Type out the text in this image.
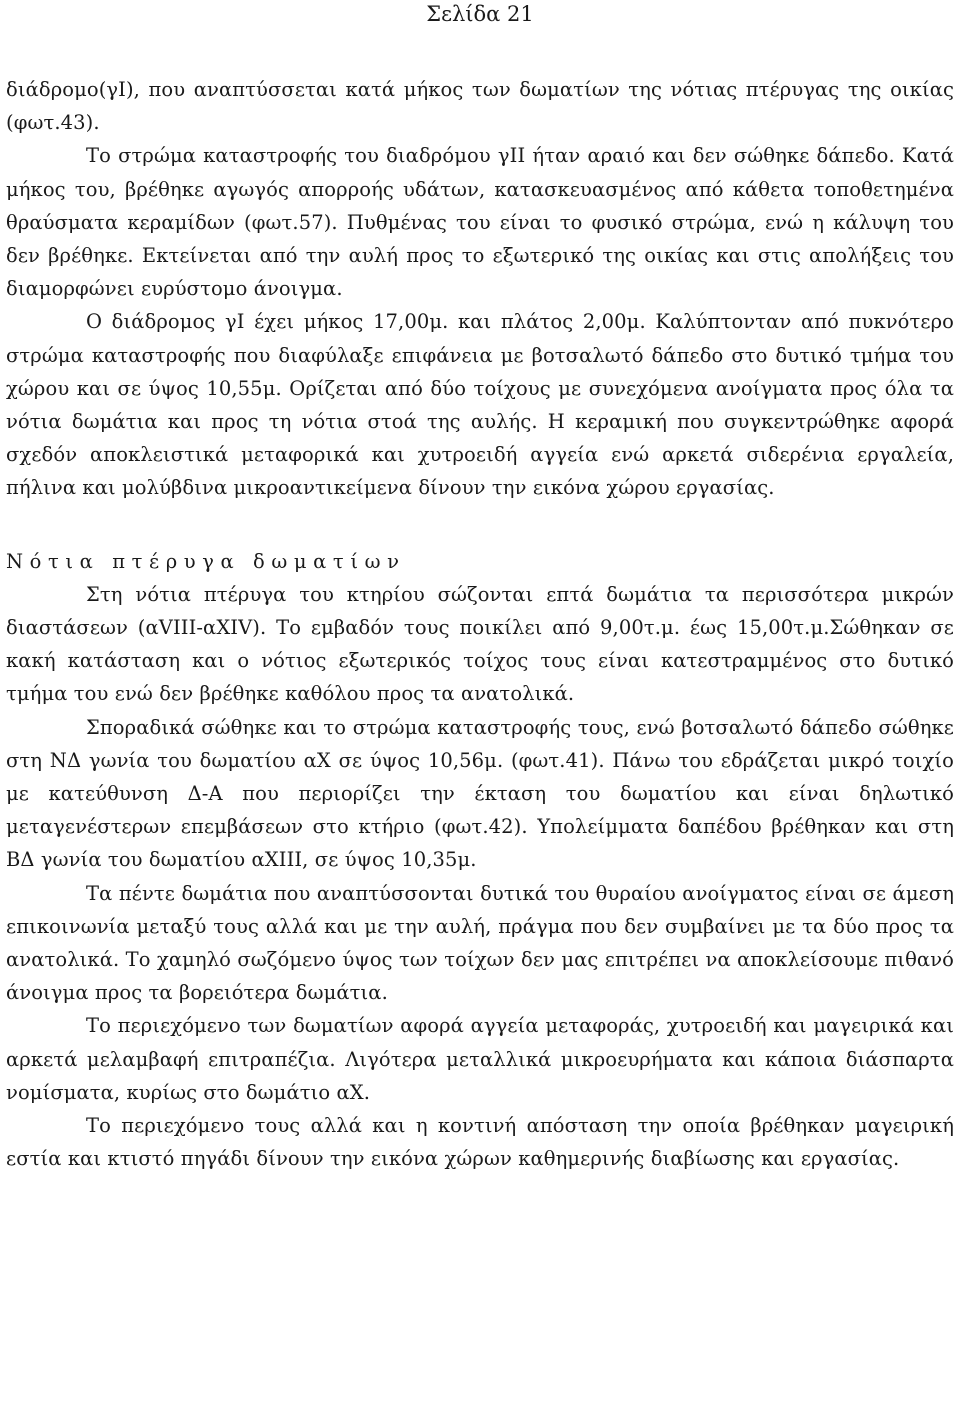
Σελίδα 21

διάδρομο(γI), που αναπτύσσεται κατά μήκος των δωματίων της νότιας πτέρυγας της οικίας (φωτ.43).

Το στρώμα καταστροφής του διαδρόμου γII ήταν αραιό και δεν σώθηκε δάπεδο. Κατά μήκος του, βρέθηκε αγωγός απορροής υδάτων, κατασκευασμένος από κάθετα τοποθετημένα θραύσματα κεραμίδων (φωτ.57). Πυθμένας του είναι το φυσικό στρώμα, ενώ η κάλυψη του δεν βρέθηκε. Εκτείνεται από την αυλή προς το εξωτερικό της οικίας και στις απολήξεις του διαμορφώνει ευρύστομο άνοιγμα.

Ο διάδρομος γI έχει μήκος 17,00μ. και πλάτος 2,00μ. Καλύπτονταν από πυκνότερο στρώμα καταστροφής που διαφύλαξε επιφάνεια με βοτσαλωτό δάπεδο στο δυτικό τμήμα του χώρου και σε ύψος 10,55μ. Ορίζεται από δύο τοίχους με συνεχόμενα ανοίγματα προς όλα τα νότια δωμάτια και προς τη νότια στοά της αυλής. Η κεραμική που συγκεντρώθηκε αφορά σχεδόν αποκλειστικά μεταφορικά και χυτροειδή αγγεία ενώ αρκετά σιδερένια εργαλεία, πήλινα και μολύβδινα μικροαντικείμενα δίνουν την εικόνα χώρου εργασίας.

Νότια πτέρυγα δωματίων

Στη νότια πτέρυγα του κτηρίου σώζονται επτά δωμάτια τα περισσότερα μικρών διαστάσεων (αVIII-αXIV). Το εμβαδόν τους ποικίλει από 9,00τ.μ. έως 15,00τ.μ.Σώθηκαν σε κακή κατάσταση και ο νότιος εξωτερικός τοίχος τους είναι κατεστραμμένος στο δυτικό τμήμα του ενώ δεν βρέθηκε καθόλου προς τα ανατολικά.

Σποραδικά σώθηκε και το στρώμα καταστροφής τους, ενώ βοτσαλωτό δάπεδο σώθηκε στη ΝΔ γωνία του δωματίου αX σε ύψος 10,56μ. (φωτ.41). Πάνω του εδράζεται μικρό τοιχίο με κατεύθυνση Δ-Α που περιορίζει την έκταση του δωματίου και είναι δηλωτικό μεταγενέστερων επεμβάσεων στο κτήριο (φωτ.42). Υπολείμματα δαπέδου βρέθηκαν και στη ΒΔ γωνία του δωματίου αXIII, σε ύψος 10,35μ.

Τα πέντε δωμάτια που αναπτύσσονται δυτικά του θυραίου ανοίγματος είναι σε άμεση επικοινωνία μεταξύ τους αλλά και με την αυλή, πράγμα που δεν συμβαίνει με τα δύο προς τα ανατολικά. Το χαμηλό σωζόμενο ύψος των τοίχων δεν μας επιτρέπει να αποκλείσουμε πιθανό άνοιγμα προς τα βορειότερα δωμάτια.

Το περιεχόμενο των δωματίων αφορά αγγεία μεταφοράς, χυτροειδή και μαγειρικά και αρκετά μελαμβαφή επιτραπέζια. Λιγότερα μεταλλικά μικροευρήματα και κάποια διάσπαρτα νομίσματα, κυρίως στο δωμάτιο αX.

Το περιεχόμενο τους αλλά και η κοντινή απόσταση την οποία βρέθηκαν μαγειρική εστία και κτιστό πηγάδι δίνουν την εικόνα χώρων καθημερινής διαβίωσης και εργασίας.
